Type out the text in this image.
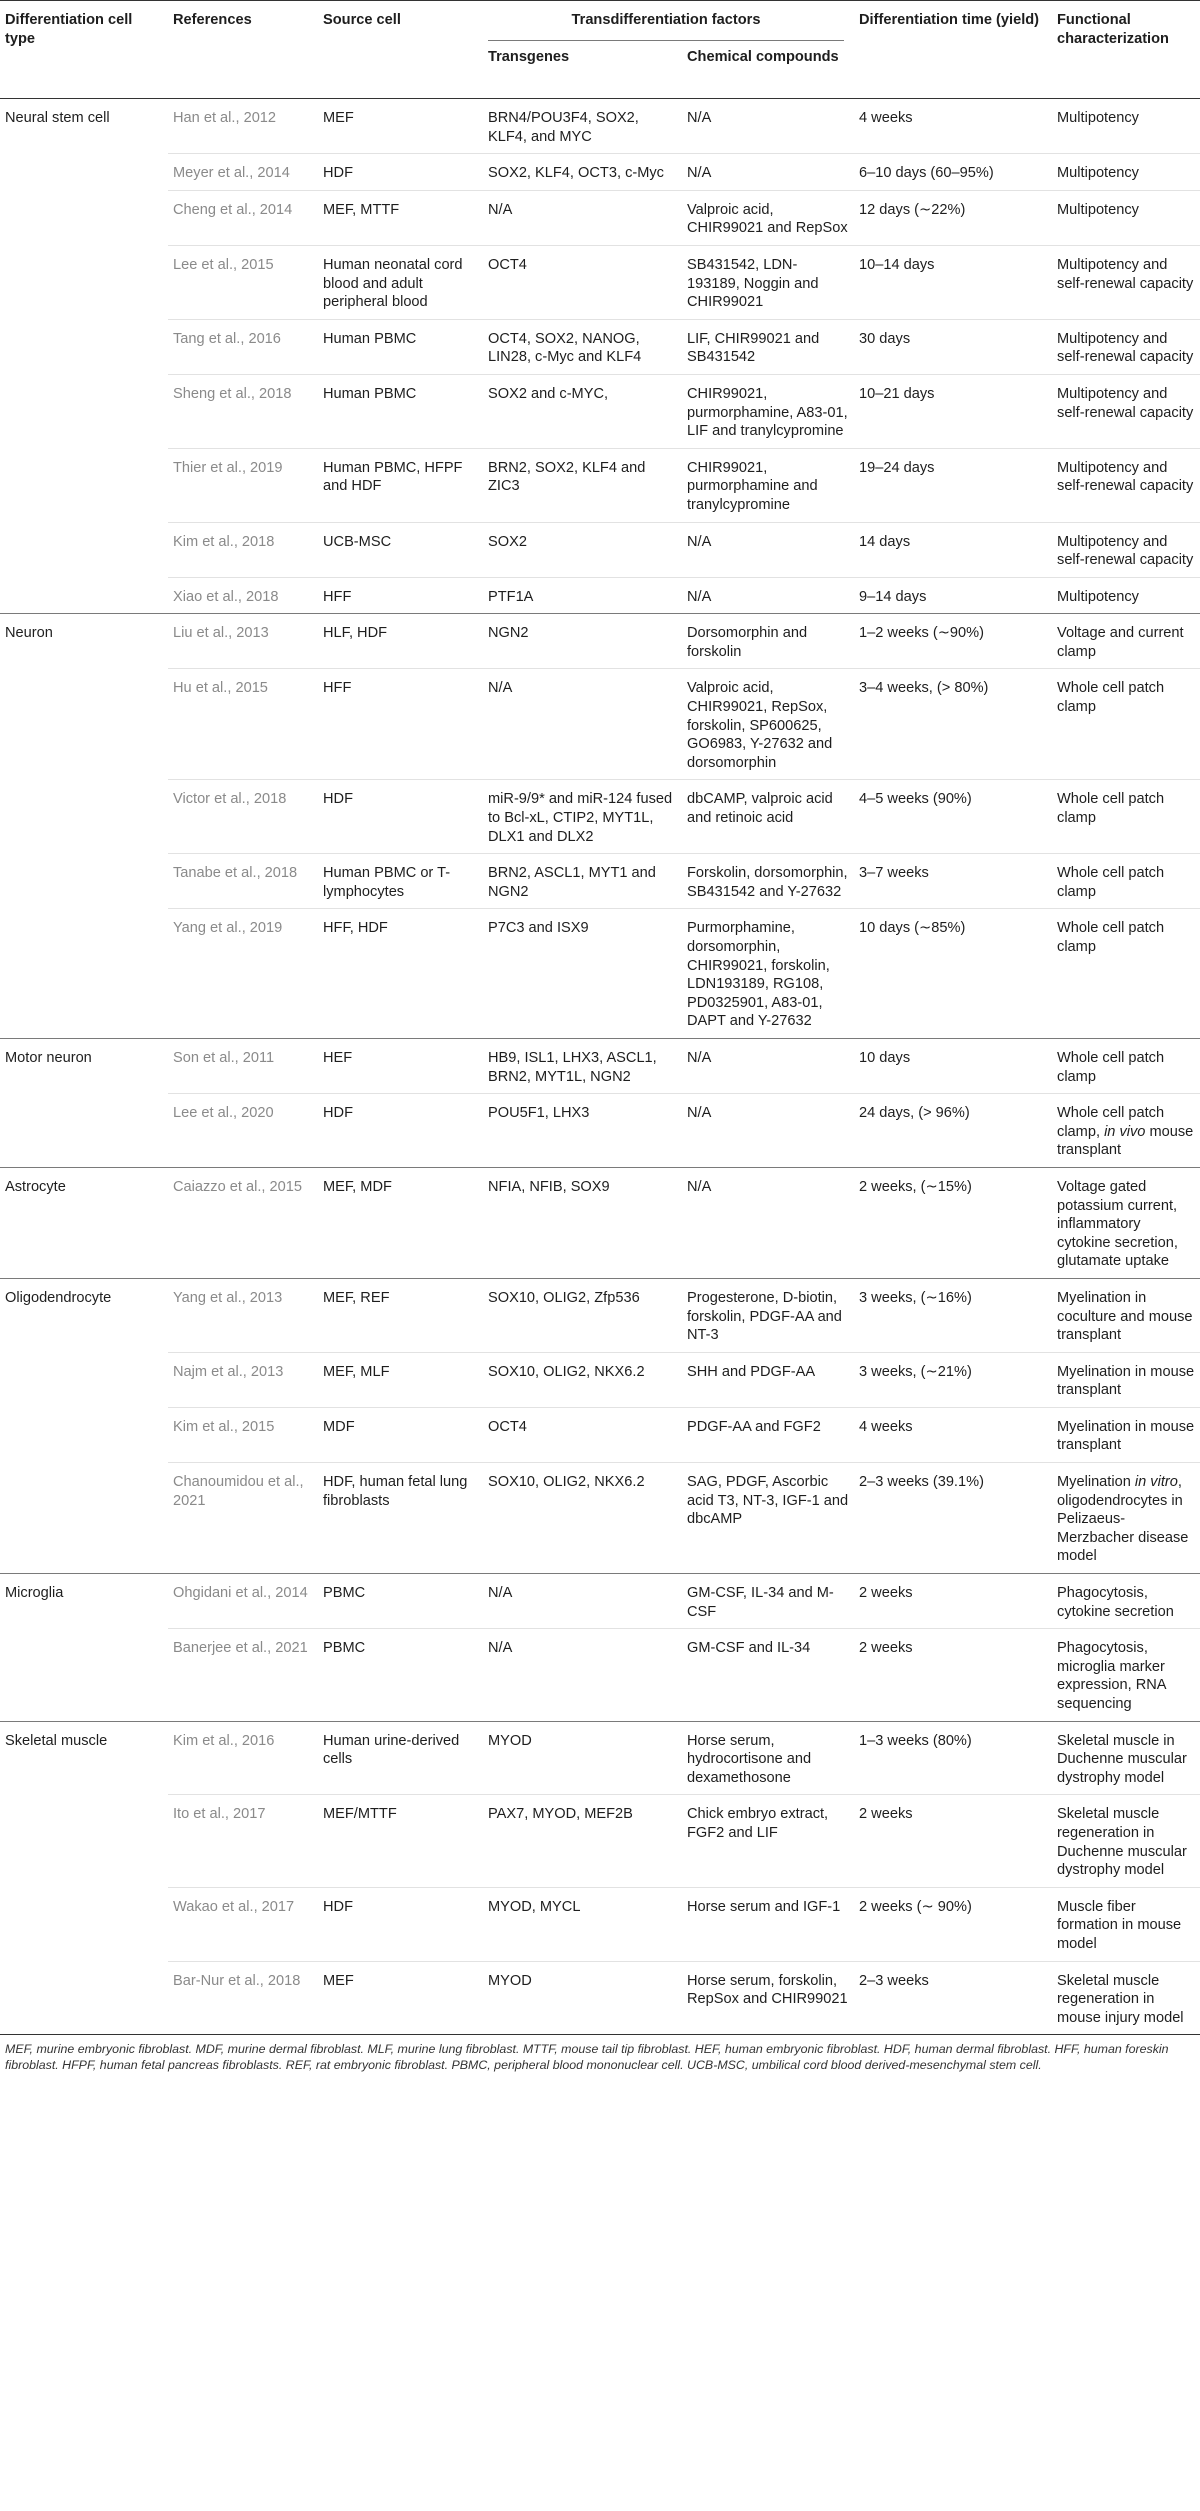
Differentiation cell type	References	Source cell	Transdifferentiation factors		Differentiation time (yield)	Functional characterization
			Transgenes	Chemical compounds		
Neural stem cell	Han et al., 2012	MEF	BRN4/POU3F4, SOX2, KLF4, and MYC	N/A	4 weeks	Multipotency
	Meyer et al., 2014	HDF	SOX2, KLF4, OCT3, c-Myc	N/A	6–10 days (60–95%)	Multipotency
	Cheng et al., 2014	MEF, MTTF	N/A	Valproic acid, CHIR99021 and RepSox	12 days (∼22%)	Multipotency
	Lee et al., 2015	Human neonatal cord blood and adult peripheral blood	OCT4	SB431542, LDN-193189, Noggin and CHIR99021	10–14 days	Multipotency and self-renewal capacity
	Tang et al., 2016	Human PBMC	OCT4, SOX2, NANOG, LIN28, c-Myc and KLF4	LIF, CHIR99021 and SB431542	30 days	Multipotency and self-renewal capacity
	Sheng et al., 2018	Human PBMC	SOX2 and c-MYC,	CHIR99021, purmorphamine, A83-01, LIF and tranylcypromine	10–21 days	Multipotency and self-renewal capacity
	Thier et al., 2019	Human PBMC, HFPF and HDF	BRN2, SOX2, KLF4 and ZIC3	CHIR99021, purmorphamine and tranylcypromine	19–24 days	Multipotency and self-renewal capacity
	Kim et al., 2018	UCB-MSC	SOX2	N/A	14 days	Multipotency and self-renewal capacity
	Xiao et al., 2018	HFF	PTF1A	N/A	9–14 days	Multipotency
Neuron	Liu et al., 2013	HLF, HDF	NGN2	Dorsomorphin and forskolin	1–2 weeks (∼90%)	Voltage and current clamp
	Hu et al., 2015	HFF	N/A	Valproic acid, CHIR99021, RepSox, forskolin, SP600625, GO6983, Y-27632 and dorsomorphin	3–4 weeks, (> 80%)	Whole cell patch clamp
	Victor et al., 2018	HDF	miR-9/9* and miR-124 fused to Bcl-xL, CTIP2, MYT1L, DLX1 and DLX2	dbCAMP, valproic acid and retinoic acid	4–5 weeks (90%)	Whole cell patch clamp
	Tanabe et al., 2018	Human PBMC or T-lymphocytes	BRN2, ASCL1, MYT1 and NGN2	Forskolin, dorsomorphin, SB431542 and Y-27632	3–7 weeks	Whole cell patch clamp
	Yang et al., 2019	HFF, HDF	P7C3 and ISX9	Purmorphamine, dorsomorphin, CHIR99021, forskolin, LDN193189, RG108, PD0325901, A83-01, DAPT and Y-27632	10 days (∼85%)	Whole cell patch clamp
Motor neuron	Son et al., 2011	HEF	HB9, ISL1, LHX3, ASCL1, BRN2, MYT1L, NGN2	N/A	10 days	Whole cell patch clamp
	Lee et al., 2020	HDF	POU5F1, LHX3	N/A	24 days, (> 96%)	Whole cell patch clamp, in vivo mouse transplant
Astrocyte	Caiazzo et al., 2015	MEF, MDF	NFIA, NFIB, SOX9	N/A	2 weeks, (∼15%)	Voltage gated potassium current, inflammatory cytokine secretion, glutamate uptake
Oligodendrocyte	Yang et al., 2013	MEF, REF	SOX10, OLIG2, Zfp536	Progesterone, D-biotin, forskolin, PDGF-AA and NT-3	3 weeks, (∼16%)	Myelination in coculture and mouse transplant
	Najm et al., 2013	MEF, MLF	SOX10, OLIG2, NKX6.2	SHH and PDGF-AA	3 weeks, (∼21%)	Myelination in mouse transplant
	Kim et al., 2015	MDF	OCT4	PDGF-AA and FGF2	4 weeks	Myelination in mouse transplant
	Chanoumidou et al., 2021	HDF, human fetal lung fibroblasts	SOX10, OLIG2, NKX6.2	SAG, PDGF, Ascorbic acid T3, NT-3, IGF-1 and dbcAMP	2–3 weeks (39.1%)	Myelination in vitro, oligodendrocytes in Pelizaeus-Merzbacher disease model
Microglia	Ohgidani et al., 2014	PBMC	N/A	GM-CSF, IL-34 and M-CSF	2 weeks	Phagocytosis, cytokine secretion
	Banerjee et al., 2021	PBMC	N/A	GM-CSF and IL-34	2 weeks	Phagocytosis, microglia marker expression, RNA sequencing
Skeletal muscle	Kim et al., 2016	Human urine-derived cells	MYOD	Horse serum, hydrocortisone and dexamethosone	1–3 weeks (80%)	Skeletal muscle in Duchenne muscular dystrophy model
	Ito et al., 2017	MEF/MTTF	PAX7, MYOD, MEF2B	Chick embryo extract, FGF2 and LIF	2 weeks	Skeletal muscle regeneration in Duchenne muscular dystrophy model
	Wakao et al., 2017	HDF	MYOD, MYCL	Horse serum and IGF-1	2 weeks (∼ 90%)	Muscle fiber formation in mouse model
	Bar-Nur et al., 2018	MEF	MYOD	Horse serum, forskolin, RepSox and CHIR99021	2–3 weeks	Skeletal muscle regeneration in mouse injury model
MEF, murine embryonic fibroblast. MDF, murine dermal fibroblast. MLF, murine lung fibroblast. MTTF, mouse tail tip fibroblast. HEF, human embryonic fibroblast. HDF, human dermal fibroblast. HFF, human foreskin fibroblast. HFPF, human fetal pancreas fibroblasts. REF, rat embryonic fibroblast. PBMC, peripheral blood mononuclear cell. UCB-MSC, umbilical cord blood derived-mesenchymal stem cell.
